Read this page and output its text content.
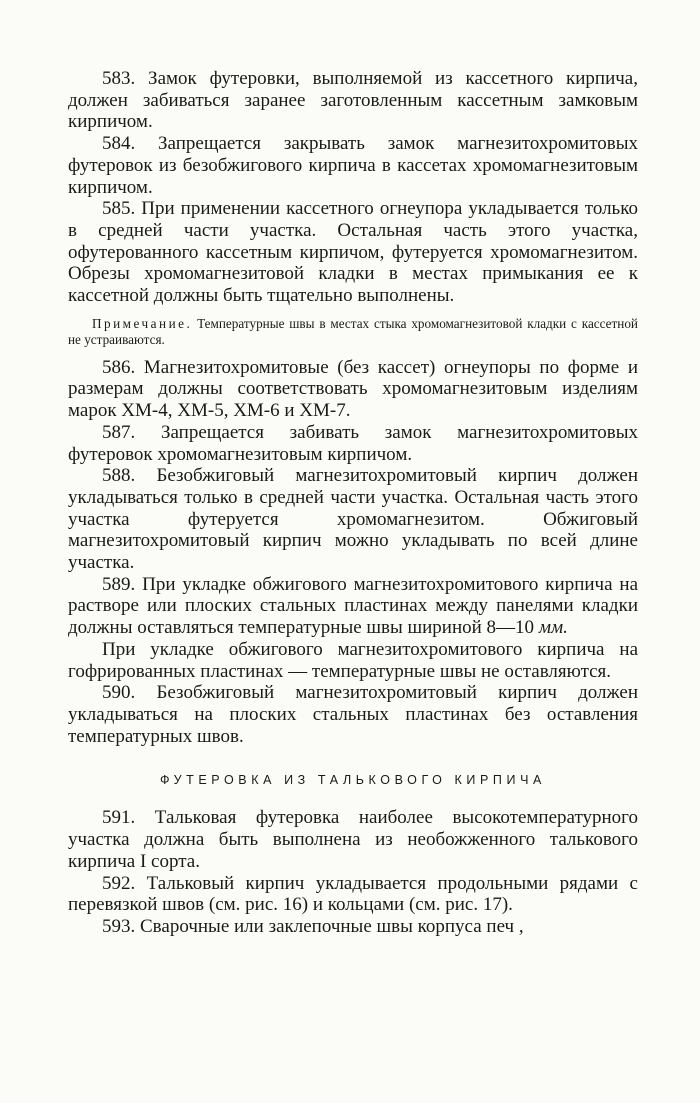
583. Замок футеровки, выполняемой из кассетного кирпича, должен забиваться заранее заготовленным кассетным замковым кирпичом.

584. Запрещается закрывать замок магнезитохромитовых футеровок из безобжигового кирпича в кассетах хромомагнезитовым кирпичом.

585. При применении кассетного огнеупора укладывается только в средней части участка. Остальная часть этого участка, офутерованного кассетным кирпичом, футеруется хромомагнезитом. Обрезы хромомагнезитовой кладки в местах примыкания ее к кассетной должны быть тщательно выполнены.

Примечание. Температурные швы в местах стыка хромомагнезитовой кладки с кассетной не устраиваются.

586. Магнезитохромитовые (без кассет) огнеупоры по форме и размерам должны соответствовать хромомагнезитовым изделиям марок ХМ-4, ХМ-5, ХМ-6 и ХМ-7.

587. Запрещается забивать замок магнезитохромитовых футеровок хромомагнезитовым кирпичом.

588. Безобжиговый магнезитохромитовый кирпич должен укладываться только в средней части участка. Остальная часть этого участка футеруется хромомагнезитом. Обжиговый магнезитохромитовый кирпич можно укладывать по всей длине участка.

589. При укладке обжигового магнезитохромитового кирпича на растворе или плоских стальных пластинах между панелями кладки должны оставляться температурные швы шириной 8—10 мм.

При укладке обжигового магнезитохромитового кирпича на гофрированных пластинах — температурные швы не оставляются.

590. Безобжиговый магнезитохромитовый кирпич должен укладываться на плоских стальных пластинах без оставления температурных швов.

ФУТЕРОВКА ИЗ ТАЛЬКОВОГО КИРПИЧА

591. Тальковая футеровка наиболее высокотемпературного участка должна быть выполнена из необожженного талькового кирпича I сорта.

592. Тальковый кирпич укладывается продольными рядами с перевязкой швов (см. рис. 16) и кольцами (см. рис. 17).

593. Сварочные или заклепочные швы корпуса печ ,
